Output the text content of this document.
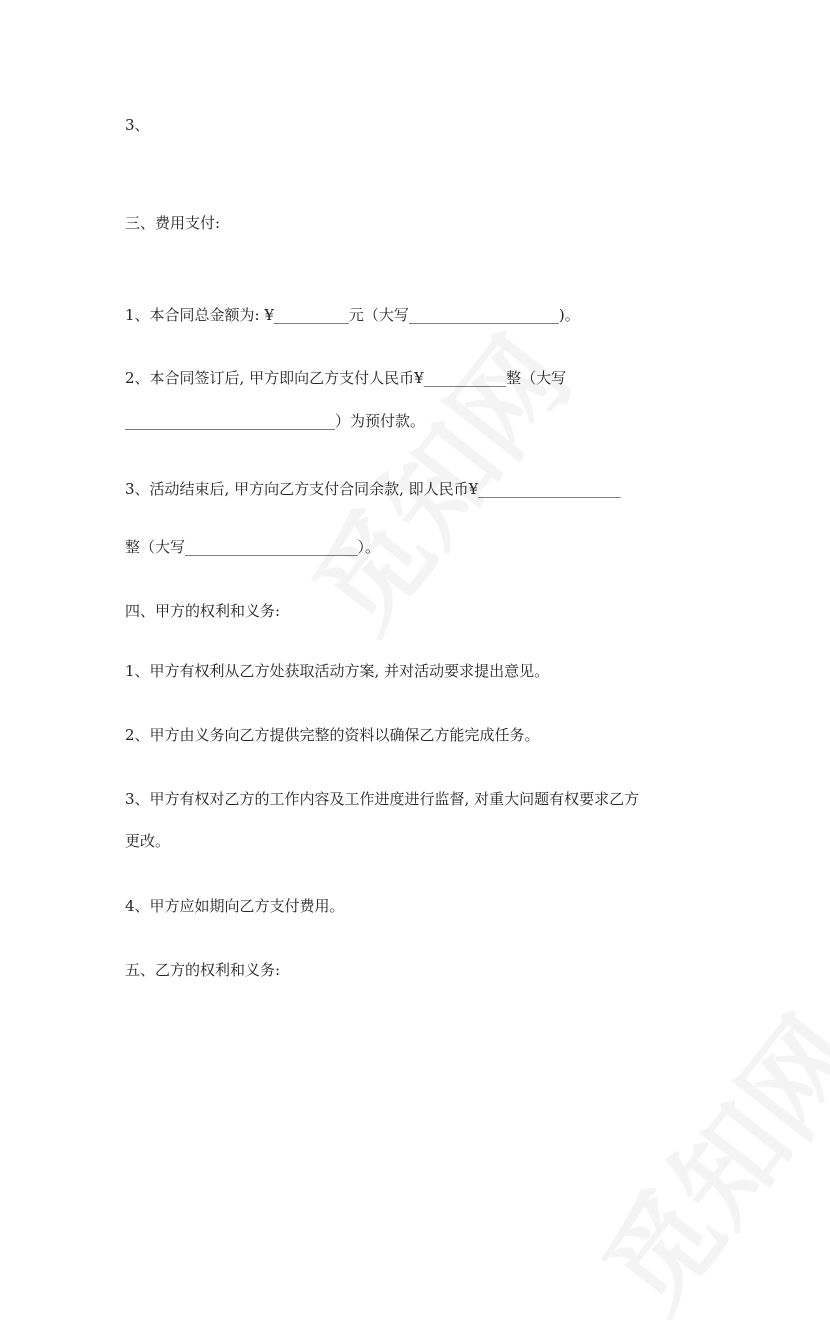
3、
三、费用支付:
1、本合同总金额为: ¥__________元（大写____________________)。
2、本合同签订后, 甲方即向乙方支付人民币¥___________整（大写
____________________________）为预付款。
3、活动结束后, 甲方向乙方支付合同余款, 即人民币¥___________________
整（大写_______________________）。
四、甲方的权利和义务:
1、甲方有权利从乙方处获取活动方案, 并对活动要求提出意见。
2、甲方由义务向乙方提供完整的资料以确保乙方能完成任务。
3、甲方有权对乙方的工作内容及工作进度进行监督, 对重大问题有权要求乙方
更改。
4、甲方应如期向乙方支付费用。
五、乙方的权利和义务:
